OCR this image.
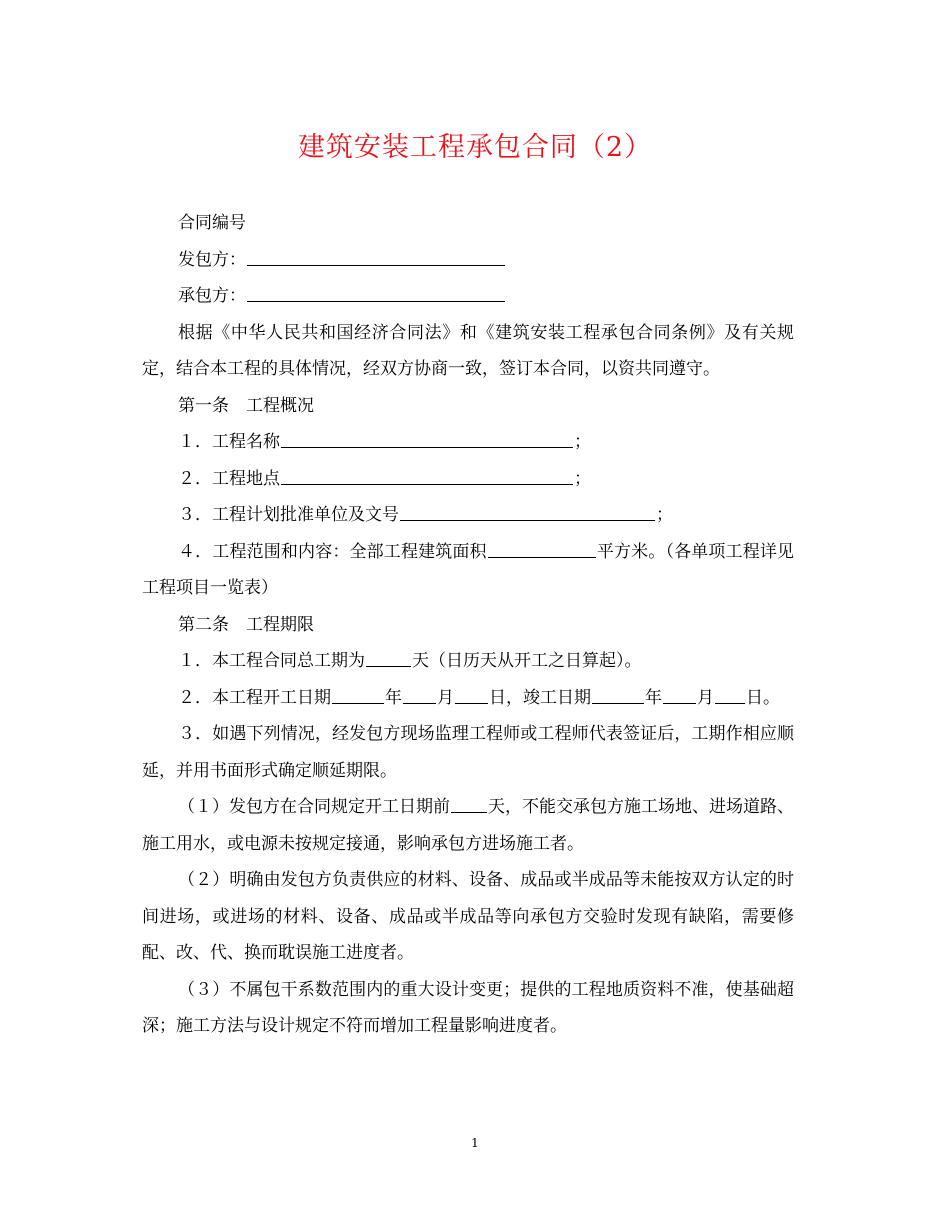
建筑安装工程承包合同（2）

合同编号

发包方：

承包方：

根据《中华人民共和国经济合同法》和《建筑安装工程承包合同条例》及有关规定，结合本工程的具体情况，经双方协商一致，签订本合同，以资共同遵守。

第一条　工程概况

１．工程名称	；

２．工程地点	；

３．工程计划批准单位及文号	；

４．工程范围和内容：全部工程建筑面积	平方米。（各单项工程详见工程项目一览表）

第二条　工程期限

１．本工程合同总工期为	天（日历天从开工之日算起）。

２．本工程开工日期	年 月 日，竣工日期	年 月 日。

３．如遇下列情况，经发包方现场监理工程师或工程师代表签证后，工期作相应顺延，并用书面形式确定顺延期限。

（１）发包方在合同规定开工日期前 天，不能交承包方施工场地、进场道路、施工用水，或电源未按规定接通，影响承包方进场施工者。

（２）明确由发包方负责供应的材料、设备、成品或半成品等未能按双方认定的时间进场，或进场的材料、设备、成品或半成品等向承包方交验时发现有缺陷，需要修配、改、代、换而耽误施工进度者。

（３）不属包干系数范围内的重大设计变更；提供的工程地质资料不准，使基础超深；施工方法与设计规定不符而增加工程量影响进度者。

1
